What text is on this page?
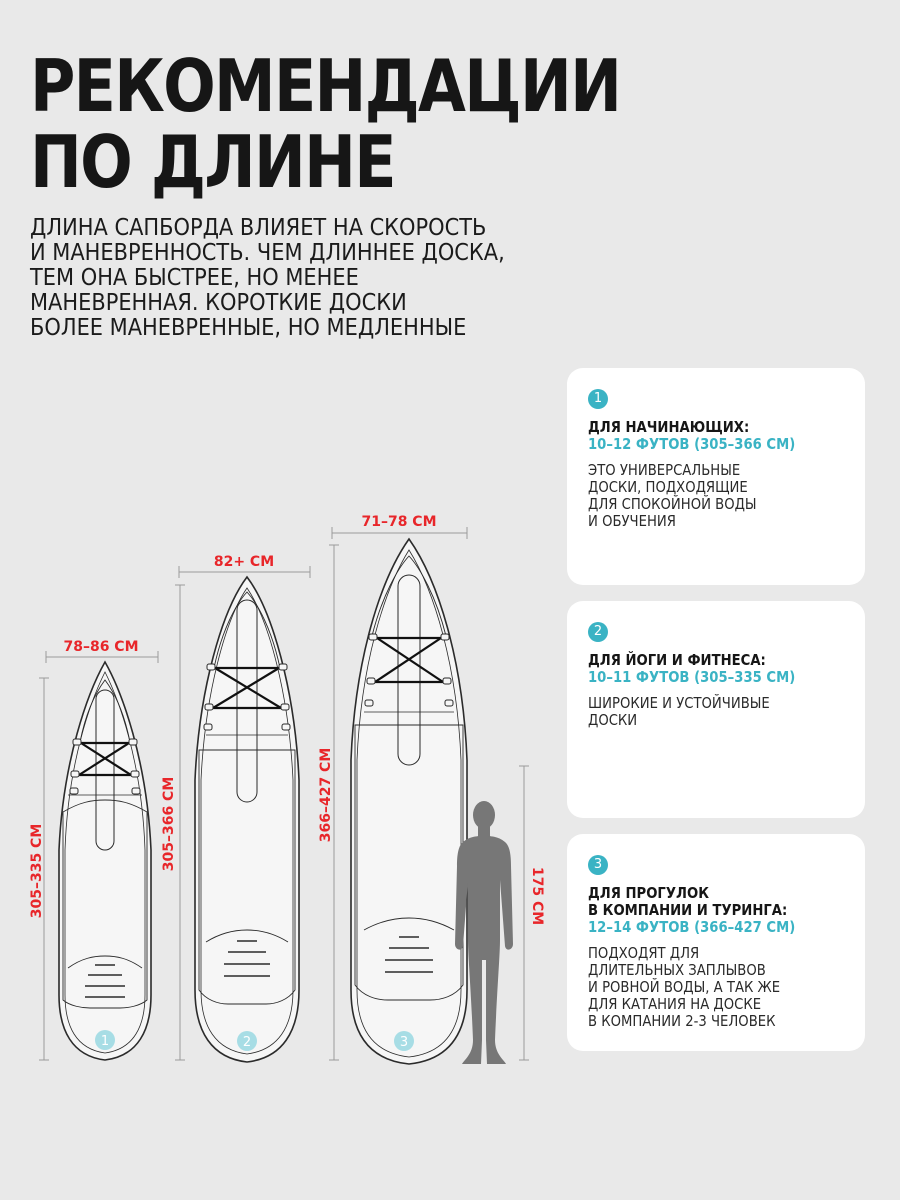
РЕКОМЕНДАЦИИ
ПО ДЛИНЕ

ДЛИНА САПБОРДА ВЛИЯЕТ НА СКОРОСТЬ
И МАНЕВРЕННОСТЬ. ЧЕМ ДЛИННЕЕ ДОСКА,
ТЕМ ОНА БЫСТРЕЕ, НО МЕНЕЕ
МАНЕВРЕННАЯ. КОРОТКИЕ ДОСКИ
БОЛЕЕ МАНЕВРЕННЫЕ, НО МЕДЛЕННЫЕ

78–86 СМ
305–335 СМ
1
82+ СМ
305–366 СМ
2
71–78 СМ
366–427 СМ
3
175 СМ
1
ДЛЯ НАЧИНАЮЩИХ:
10–12 ФУТОВ (305–366 СМ)
ЭТО УНИВЕРСАЛЬНЫЕ
ДОСКИ, ПОДХОДЯЩИЕ
ДЛЯ СПОКОЙНОЙ ВОДЫ
И ОБУЧЕНИЯ
2
ДЛЯ ЙОГИ И ФИТНЕСА:
10–11 ФУТОВ (305–335 СМ)
ШИРОКИЕ И УСТОЙЧИВЫЕ
ДОСКИ
3
ДЛЯ ПРОГУЛОК
В КОМПАНИИ И ТУРИНГА:
12–14 ФУТОВ (366–427 СМ)
ПОДХОДЯТ ДЛЯ
ДЛИТЕЛЬНЫХ ЗАПЛЫВОВ
И РОВНОЙ ВОДЫ, А ТАК ЖЕ
ДЛЯ КАТАНИЯ НА ДОСКЕ
В КОМПАНИИ 2-3 ЧЕЛОВЕК
